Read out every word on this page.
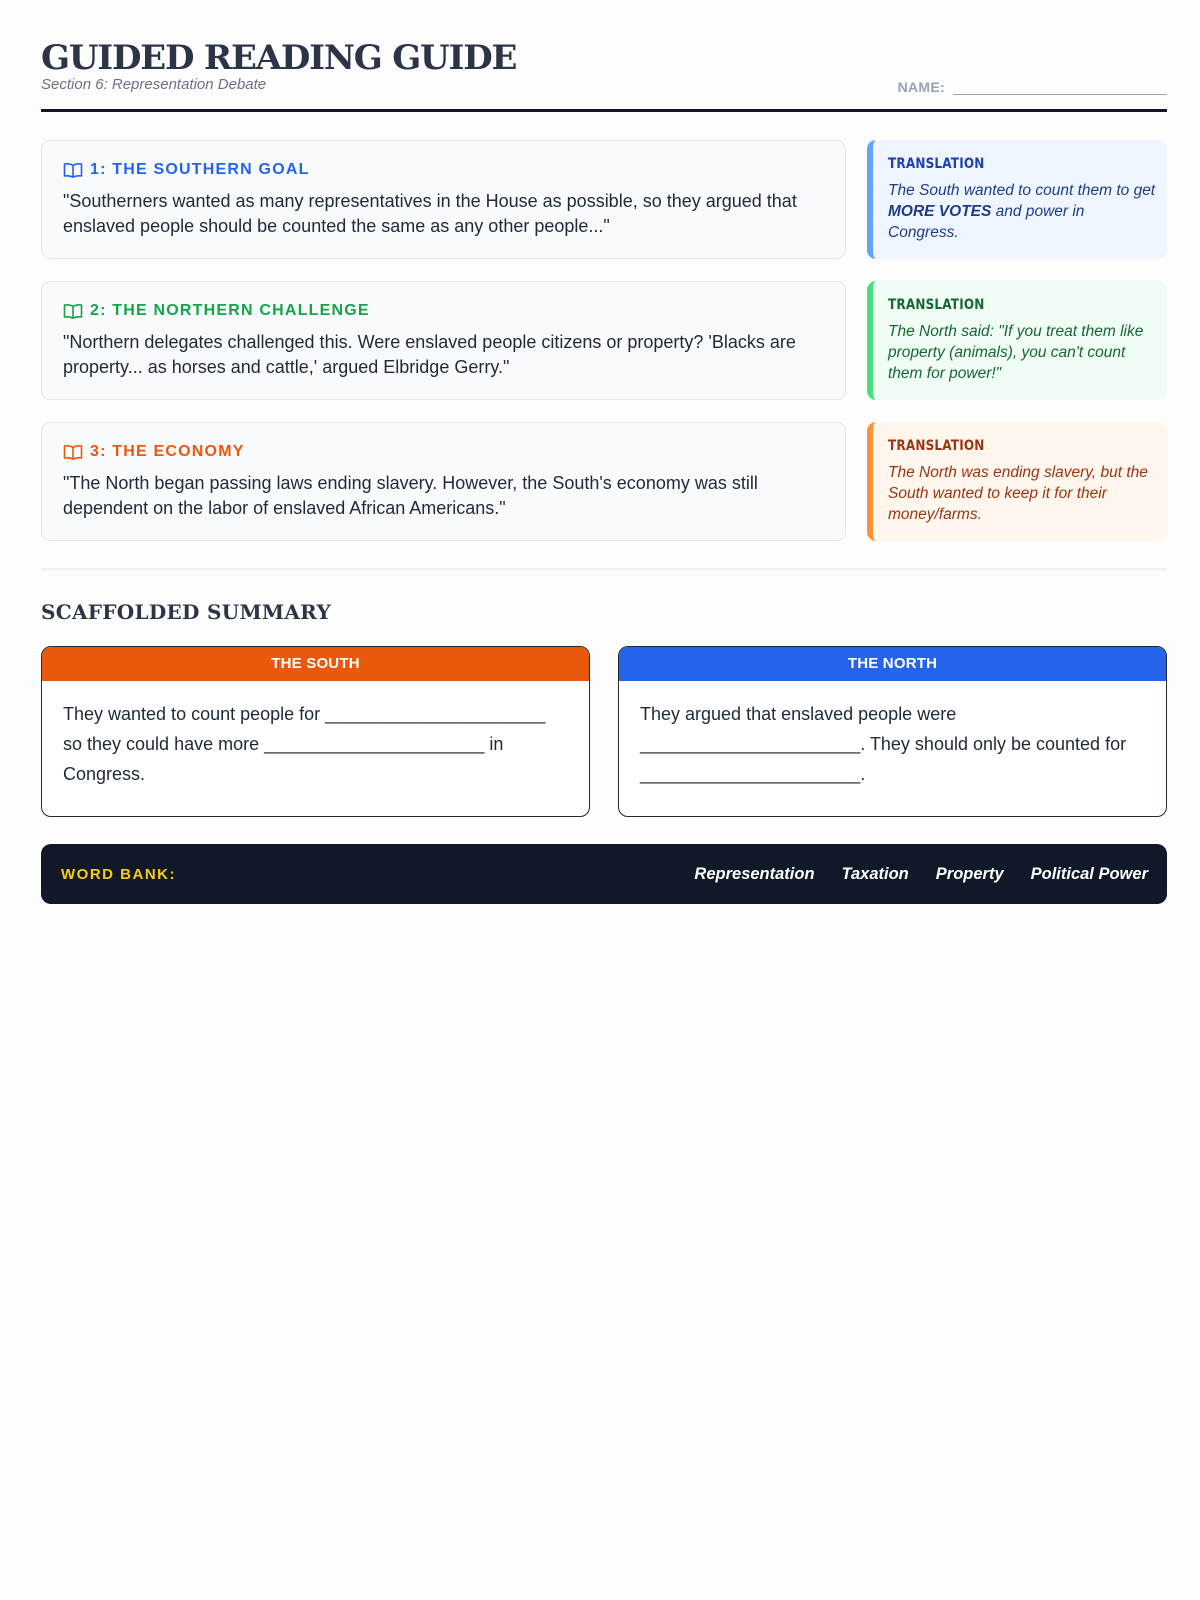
GUIDED READING GUIDE
Section 6: Representation Debate	NAME:
1: THE SOUTHERN GOAL
"Southerners wanted as many representatives in the House as possible, so they argued that enslaved people should be counted the same as any other people..."
TRANSLATION
The South wanted to count them to get MORE VOTES and power in Congress.
2: THE NORTHERN CHALLENGE
"Northern delegates challenged this. Were enslaved people citizens or property? 'Blacks are property... as horses and cattle,' argued Elbridge Gerry."
TRANSLATION
The North said: "If you treat them like property (animals), you can't count them for power!"
3: THE ECONOMY
"The North began passing laws ending slavery. However, the South's economy was still dependent on the labor of enslaved African Americans."
TRANSLATION
The North was ending slavery, but the South wanted to keep it for their money/farms.
SCAFFOLDED SUMMARY
THE SOUTH
They wanted to count people for ______________________ so they could have more ______________________ in Congress.
THE NORTH
They argued that enslaved people were ______________________. They should only be counted for ______________________.
WORD BANK:	Representation Taxation Property Political Power
